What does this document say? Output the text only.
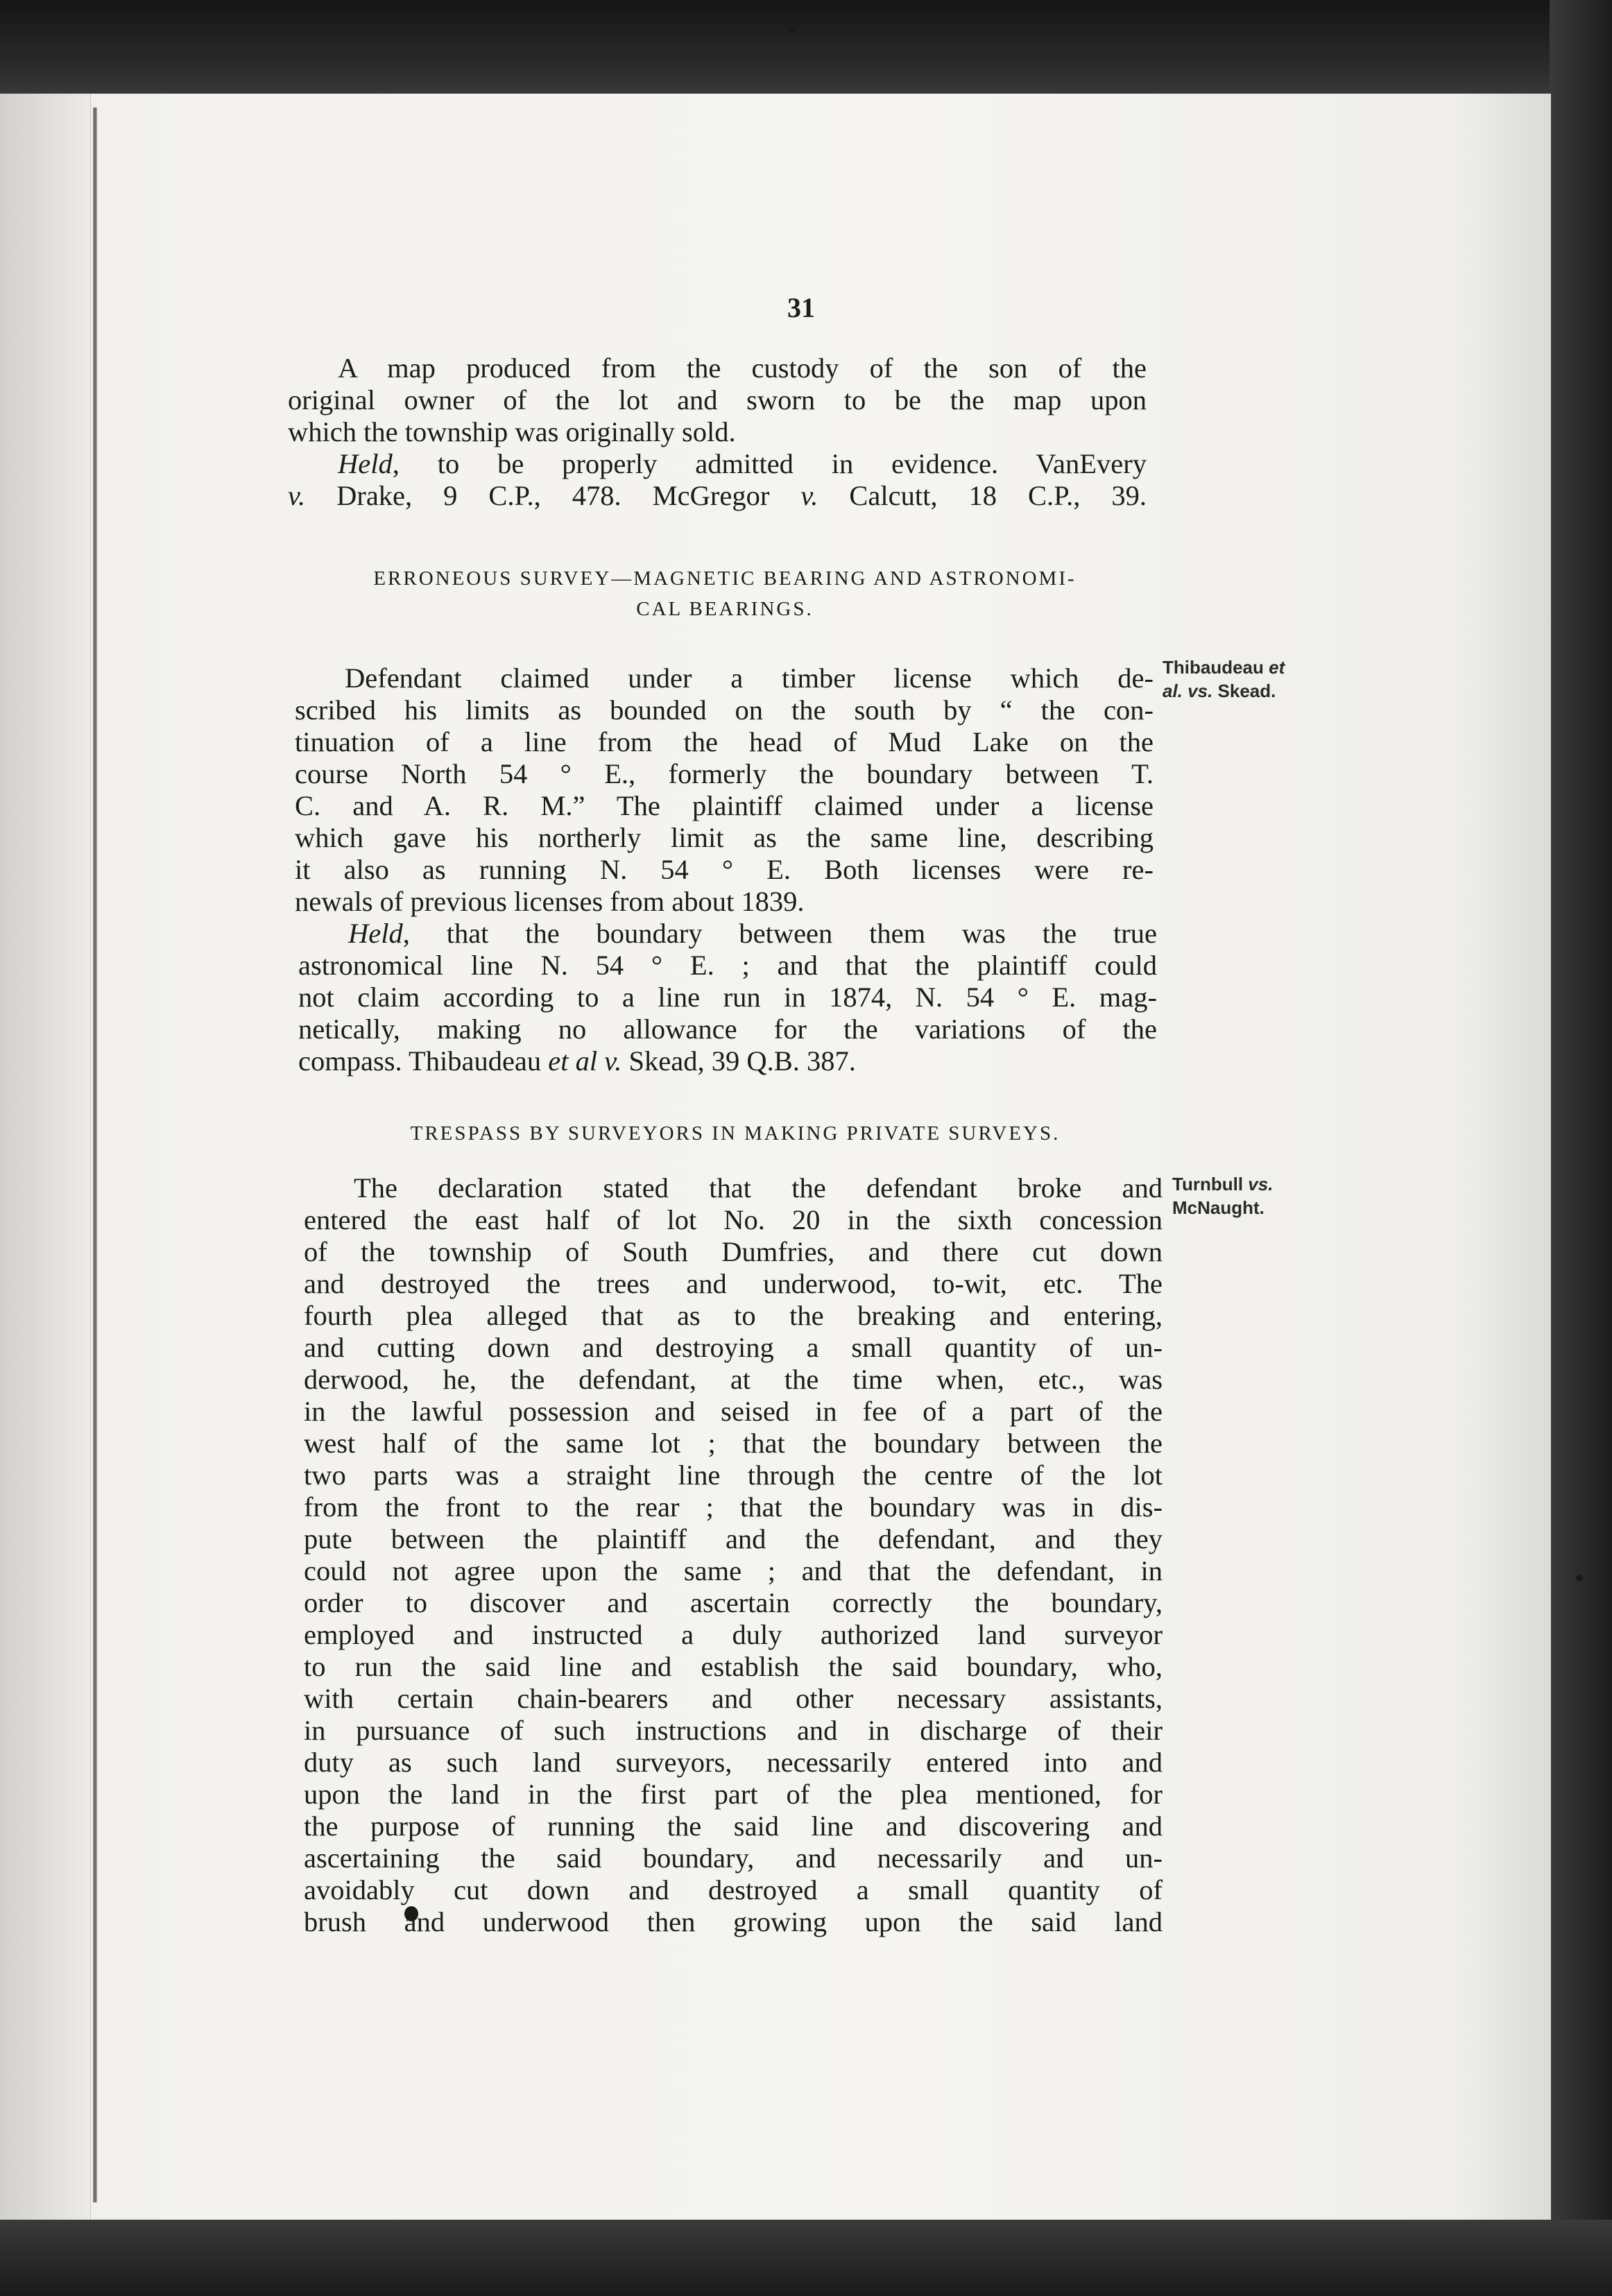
31
A map produced from the custody of the son of the
original owner of the lot and sworn to be the map upon
which the township was originally sold.
Held, to be properly admitted in evidence. VanEvery
v. Drake, 9 C.P., 478. McGregor v. Calcutt, 18 C.P., 39.
ERRONEOUS SURVEY—MAGNETIC BEARING AND ASTRONOMI-
CAL BEARINGS.
Defendant claimed under a timber license which de-
scribed his limits as bounded on the south by “ the con-
tinuation of a line from the head of Mud Lake on the
course North 54 ° E., formerly the boundary between T.
C. and A. R. M.” The plaintiff claimed under a license
which gave his northerly limit as the same line, describing
it also as running N. 54 ° E. Both licenses were re-
newals of previous licenses from about 1839.
Held, that the boundary between them was the true
astronomical line N. 54 ° E. ; and that the plaintiff could
not claim according to a line run in 1874, N. 54 ° E. mag-
netically, making no allowance for the variations of the
compass. Thibaudeau et al v. Skead, 39 Q.B. 387.
TRESPASS BY SURVEYORS IN MAKING PRIVATE SURVEYS.
The declaration stated that the defendant broke and
entered the east half of lot No. 20 in the sixth concession
of the township of South Dumfries, and there cut down
and destroyed the trees and underwood, to-wit, etc. The
fourth plea alleged that as to the breaking and entering,
and cutting down and destroying a small quantity of un-
derwood, he, the defendant, at the time when, etc., was
in the lawful possession and seised in fee of a part of the
west half of the same lot ; that the boundary between the
two parts was a straight line through the centre of the lot
from the front to the rear ; that the boundary was in dis-
pute between the plaintiff and the defendant, and they
could not agree upon the same ; and that the defendant, in
order to discover and ascertain correctly the boundary,
employed and instructed a duly authorized land surveyor
to run the said line and establish the said boundary, who,
with certain chain-bearers and other necessary assistants,
in pursuance of such instructions and in discharge of their
duty as such land surveyors, necessarily entered into and
upon the land in the first part of the plea mentioned, for
the purpose of running the said line and discovering and
ascertaining the said boundary, and necessarily and un-
avoidably cut down and destroyed a small quantity of
brush and underwood then growing upon the said land
Thibaudeau et
al. vs. Skead.
Turnbull vs.
McNaught.
